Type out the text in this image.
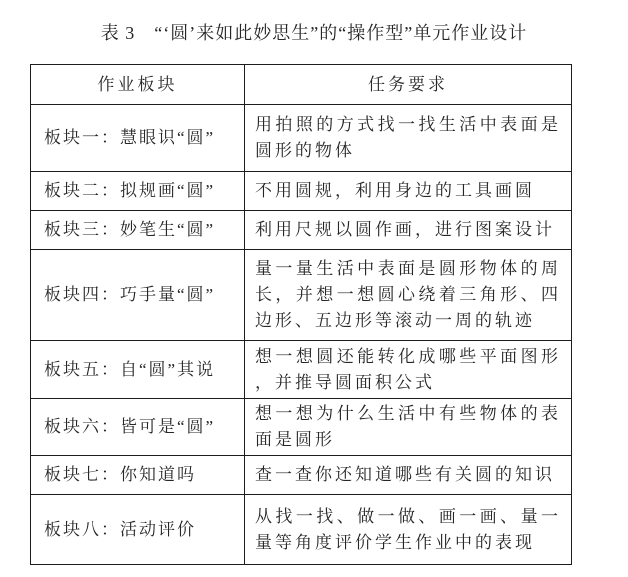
表 3　“‘圆’来如此妙思生”的“操作型”单元作业设计
作业板块	任务要求
板块一：慧眼识“圆”	用拍照的方式找一找生活中表面是圆形的物体
板块二：拟规画“圆”	不用圆规，利用身边的工具画圆
板块三：妙笔生“圆”	利用尺规以圆作画，进行图案设计
板块四：巧手量“圆”	量一量生活中表面是圆形物体的周长，并想一想圆心绕着三角形、四边形、五边形等滚动一周的轨迹
板块五：自“圆”其说	想一想圆还能转化成哪些平面图形，并推导圆面积公式
板块六：皆可是“圆”	想一想为什么生活中有些物体的表面是圆形
板块七：你知道吗	查一查你还知道哪些有关圆的知识
板块八：活动评价	从找一找、做一做、画一画、量一量等角度评价学生作业中的表现
